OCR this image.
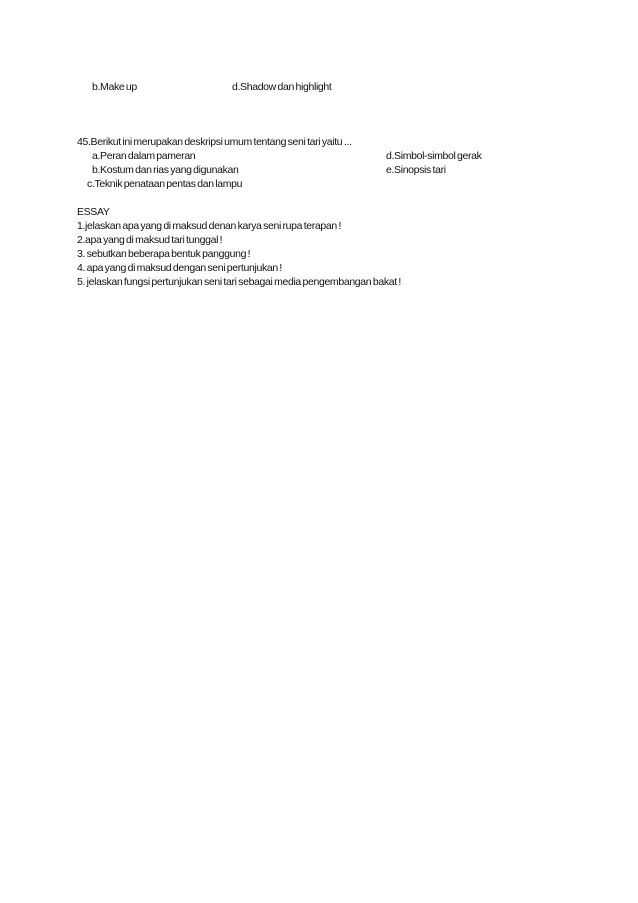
b.Make up	d.Shadow dan highlight
45.Berikut ini merupakan deskripsi umum tentang seni tari yaitu ...
a.Peran dalam pameran	d.Simbol-simbol gerak
b.Kostum dan rias yang digunakan	e.Sinopsis tari
c.Teknik penataan pentas dan lampu
ESSAY
1.jelaskan apa yang di maksud denan karya seni rupa terapan !
2.apa yang di maksud tari tunggal !
3. sebutkan beberapa bentuk panggung !
4. apa yang di maksud dengan seni pertunjukan !
5. jelaskan fungsi pertunjukan seni tari sebagai media pengembangan bakat !
